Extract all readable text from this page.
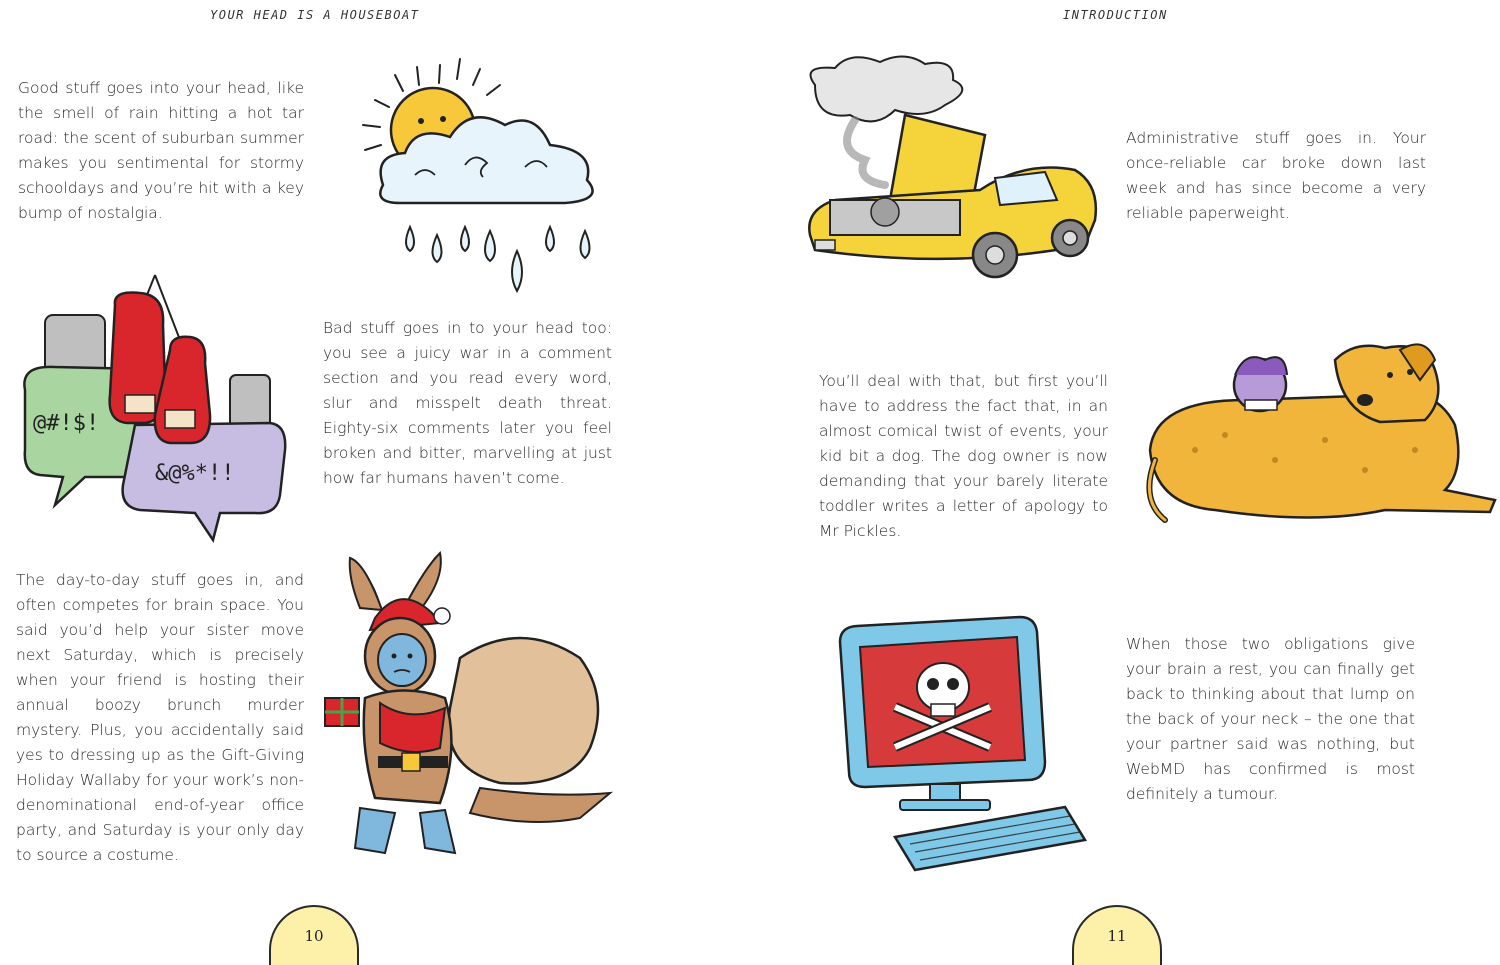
YOUR HEAD IS A HOUSEBOAT
Good stuff goes into your head, like the smell of rain hitting a hot tar road: the scent of suburban summer makes you sentimental for stormy schooldays and you’re hit with a key bump of nostalgia.
@#!$!
&@%*!!
Bad stuff goes in to your head too: you see a juicy war in a comment section and you read every word, slur and misspelt death threat. Eighty-six comments later you feel broken and bitter, marvelling at just how far humans haven’t come.
The day-to-day stuff goes in, and often competes for brain space. You said you’d help your sister move next Saturday, which is precisely when your friend is hosting their annual boozy brunch murder mystery. Plus, you accidentally said yes to dressing up as the Gift-Giving Holiday Wallaby for your work’s non-denominational end-of-year office party, and Saturday is your only day to source a costume.
10
INTRODUCTION
Administrative stuff goes in. Your once-reliable car broke down last week and has since become a very reliable paperweight.
You’ll deal with that, but first you’ll have to address the fact that, in an almost comical twist of events, your kid bit a dog. The dog owner is now demanding that your barely literate toddler writes a letter of apology to Mr Pickles.
When those two obligations give your brain a rest, you can finally get back to thinking about that lump on the back of your neck – the one that your partner said was nothing, but WebMD has confirmed is most definitely a tumour.
11
